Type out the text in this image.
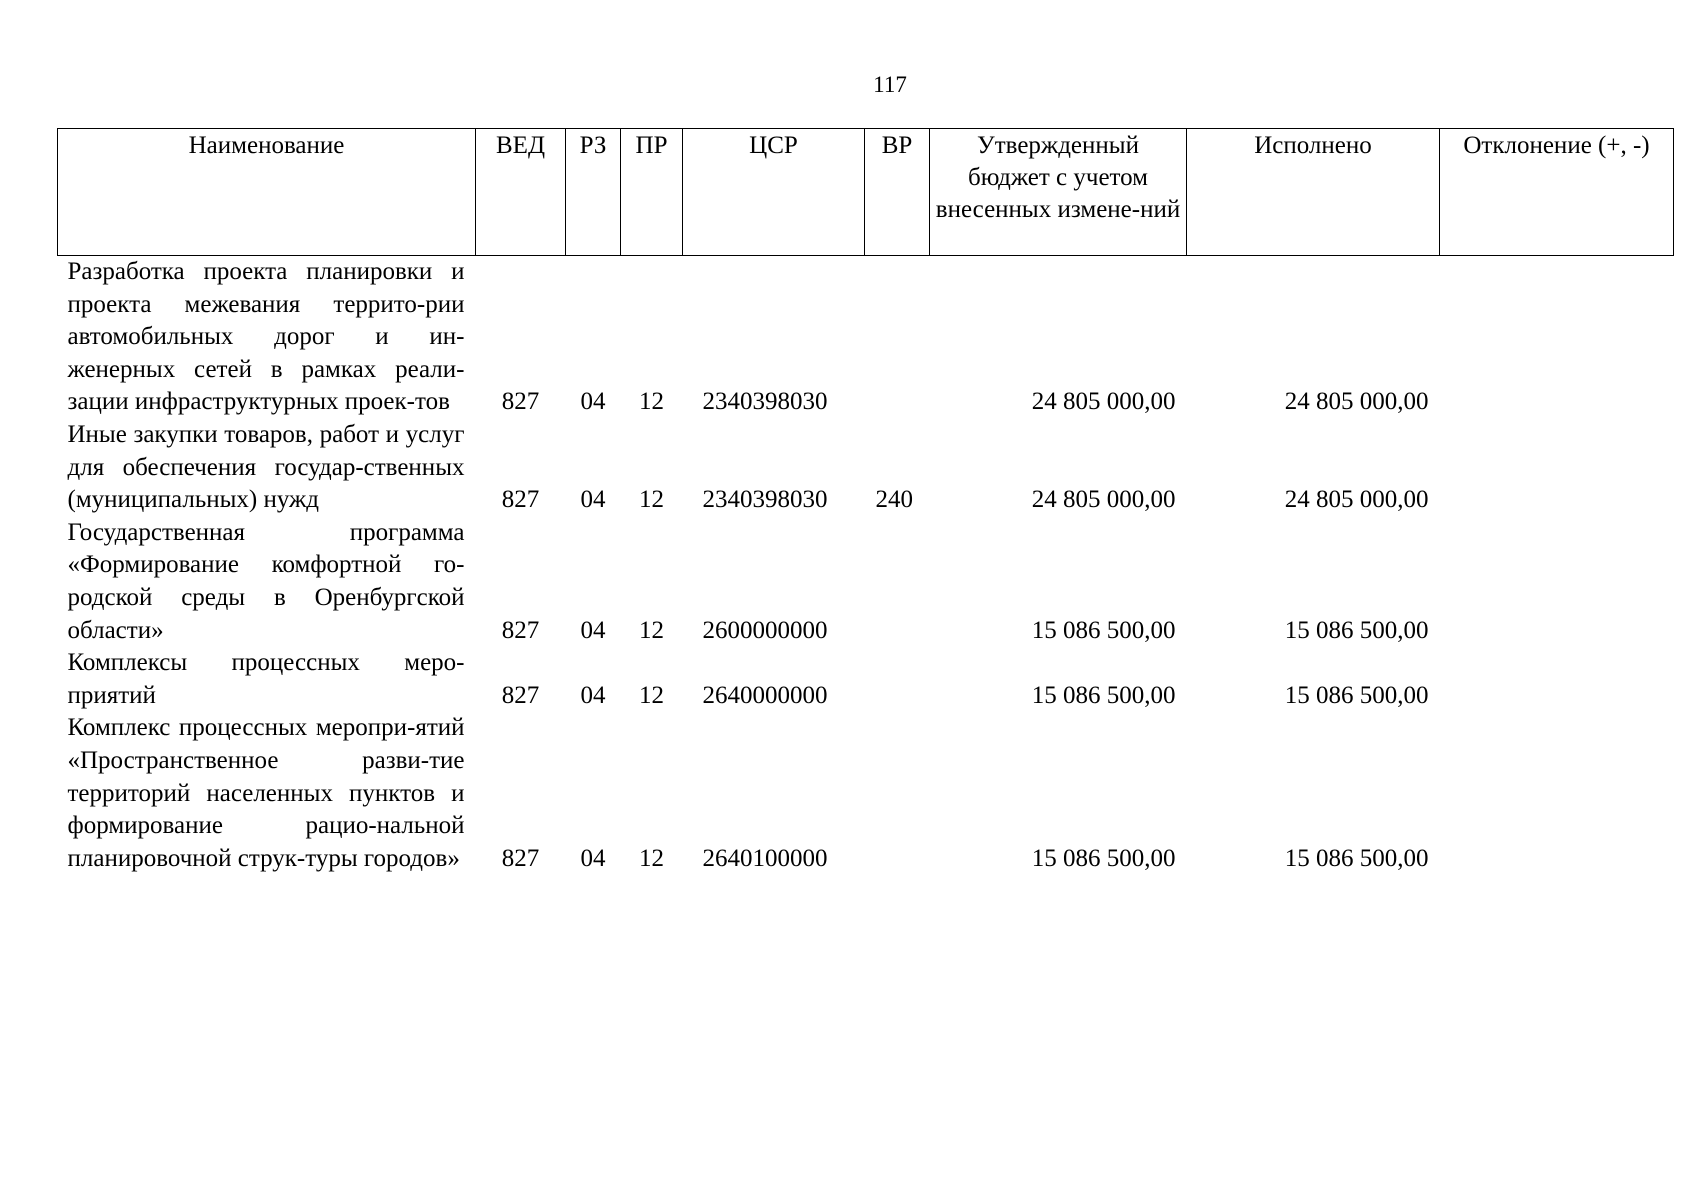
117
Наименование	ВЕД	РЗ	ПР	ЦСР	ВР	Утвержденный бюджет с учетом внесенных измене-ний	Исполнено	Отклонение (+, -)
Разработка проекта планировки и проекта межевания террито-рии автомобильных дорог и ин-женерных сетей в рамках реали-зации инфраструктурных проек-тов	827	04	12	2340398030		24 805 000,00	24 805 000,00	
Иные закупки товаров, работ и услуг для обеспечения государ-ственных (муниципальных) нужд	827	04	12	2340398030	240	24 805 000,00	24 805 000,00	
Государственная программа «Формирование комфортной го-родской среды в Оренбургской области»	827	04	12	2600000000		15 086 500,00	15 086 500,00	
Комплексы процессных меро-приятий	827	04	12	2640000000		15 086 500,00	15 086 500,00	
Комплекс процессных меропри-ятий «Пространственное разви-тие территорий населенных пунктов и формирование рацио-нальной планировочной струк-туры городов»	827	04	12	2640100000		15 086 500,00	15 086 500,00	
